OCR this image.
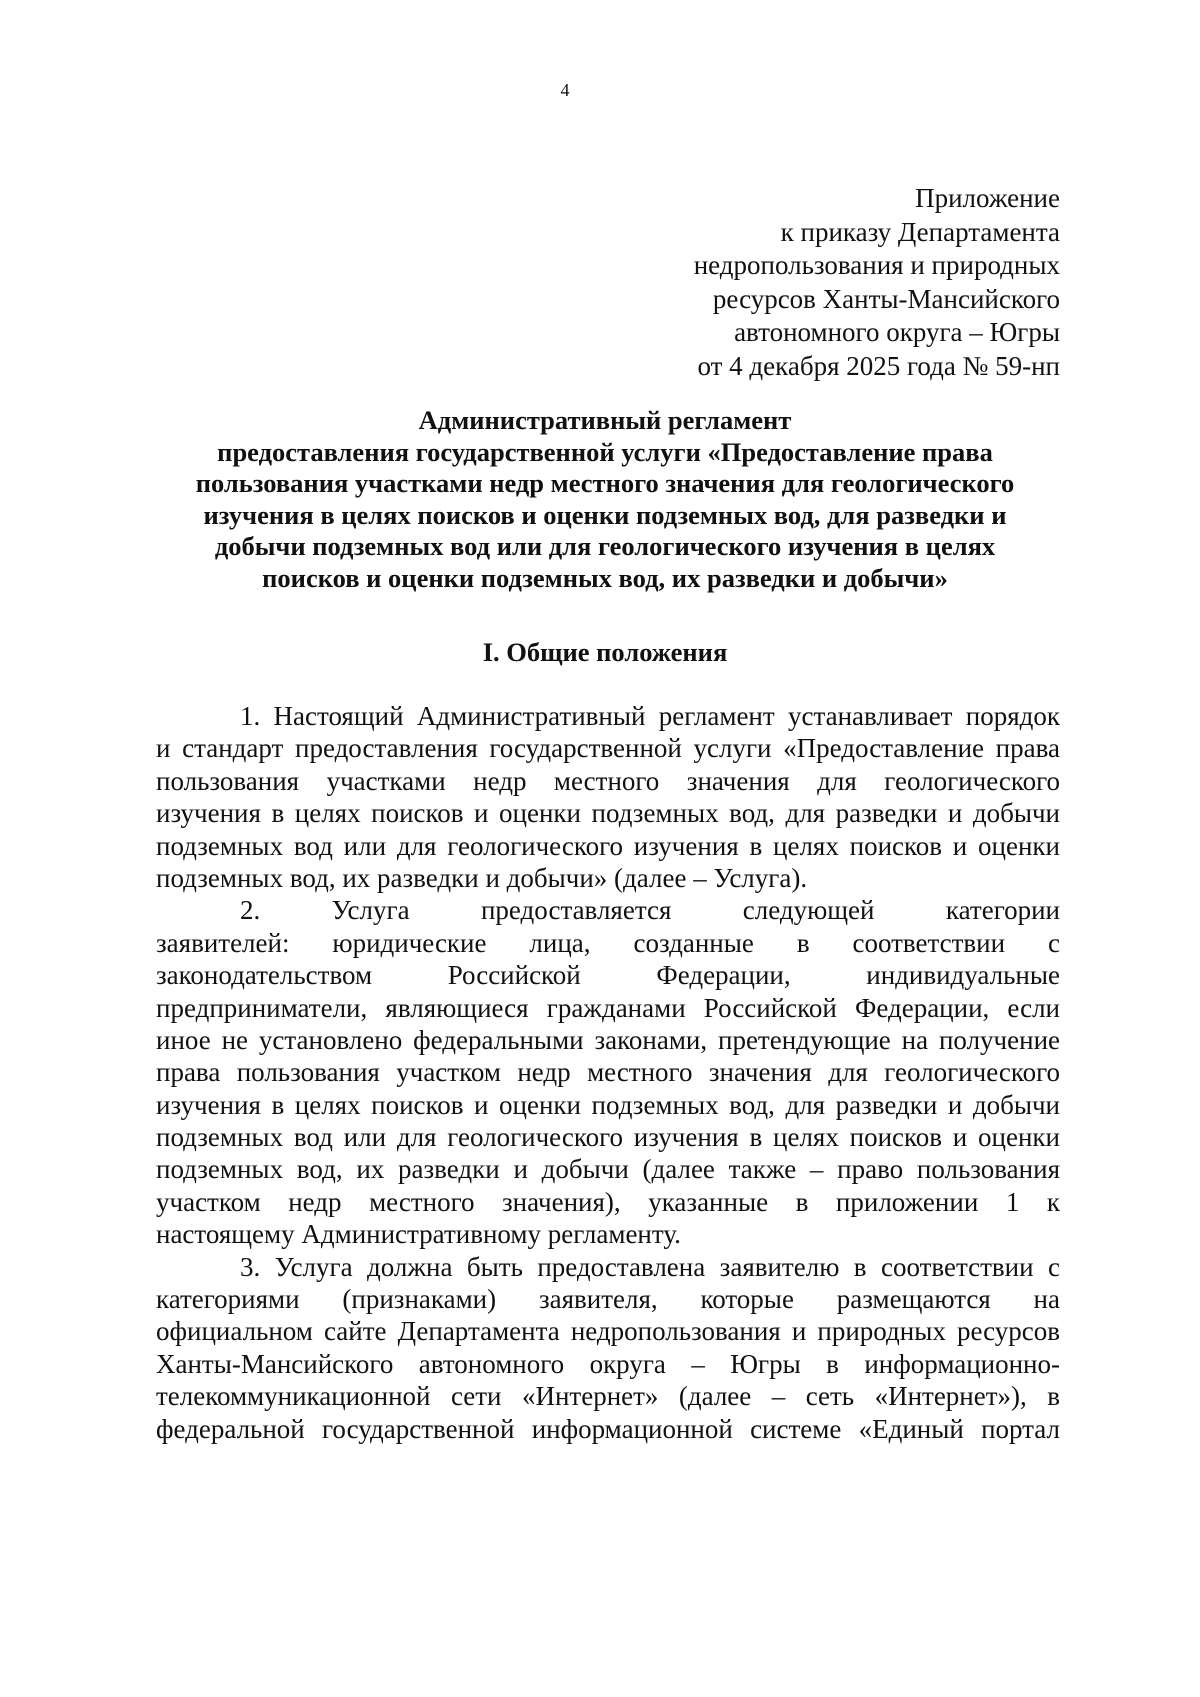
4
Приложение
к приказу Департамента
недропользования и природных
ресурсов Ханты-Мансийского
автономного округа – Югры
от 4 декабря 2025 года № 59-нп
Административный регламент
предоставления государственной услуги «Предоставление права
пользования участками недр местного значения для геологического
изучения в целях поисков и оценки подземных вод, для разведки и
добычи подземных вод или для геологического изучения в целях
поисков и оценки подземных вод, их разведки и добычи»
I. Общие положения
1. Настоящий Административный регламент устанавливает порядок
и стандарт предоставления государственной услуги «Предоставление права
пользования участками недр местного значения для геологического
изучения в целях поисков и оценки подземных вод, для разведки и добычи
подземных вод или для геологического изучения в целях поисков и оценки
подземных вод, их разведки и добычи» (далее – Услуга).
2. Услуга предоставляется следующей категории
заявителей: юридические лица, созданные в соответствии с
законодательством Российской Федерации, индивидуальные
предприниматели, являющиеся гражданами Российской Федерации, если
иное не установлено федеральными законами, претендующие на получение
права пользования участком недр местного значения для геологического
изучения в целях поисков и оценки подземных вод, для разведки и добычи
подземных вод или для геологического изучения в целях поисков и оценки
подземных вод, их разведки и добычи (далее также – право пользования
участком недр местного значения), указанные в приложении 1 к
настоящему Административному регламенту.
3. Услуга должна быть предоставлена заявителю в соответствии с
категориями (признаками) заявителя, которые размещаются на
официальном сайте Департамента недропользования и природных ресурсов
Ханты-Мансийского автономного округа – Югры в информационно-
телекоммуникационной сети «Интернет» (далее – сеть «Интернет»), в
федеральной государственной информационной системе «Единый портал
